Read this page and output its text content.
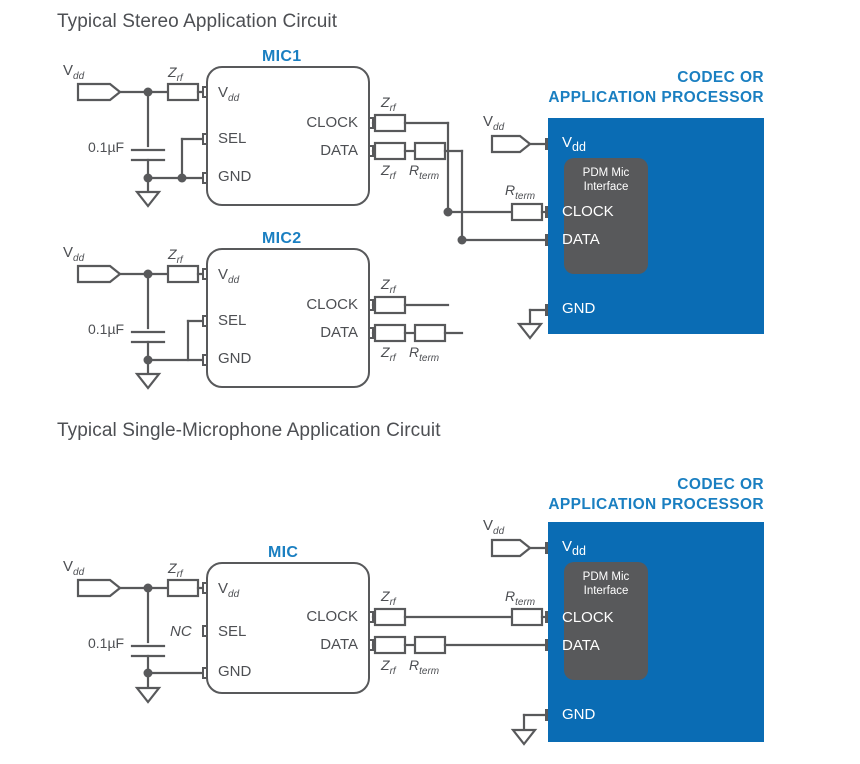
Typical Stereo Application Circuit
Typical Single-Microphone Application Circuit
PDM Mic
Interface
CODEC OR
APPLICATION PROCESSOR
$V_{dd}$
CLOCK
DATA
GND
$V_{dd}$
$R_{term}$
MIC1
$V_{dd}$
SEL
GND
CLOCK
DATA
$V_{dd}$	$Z_{rf}$
0.1µF
$Z_{rf}$
$Z_{rf}$ $R_{term}$
MIC2
$V_{dd}$
SEL
GND
CLOCK
DATA
$V_{dd}$	$Z_{rf}$
0.1µF
$Z_{rf}$
$Z_{rf}$ $R_{term}$
PDM Mic
Interface
CODEC OR
APPLICATION PROCESSOR
$V_{dd}$
CLOCK
DATA
GND
$V_{dd}$
$R_{term}$
MIC
$V_{dd}$
SEL
GND
CLOCK
DATA
$V_{dd}$	$Z_{rf}$
0.1µF
NC
$Z_{rf}$
$Z_{rf}$ $R_{term}$
